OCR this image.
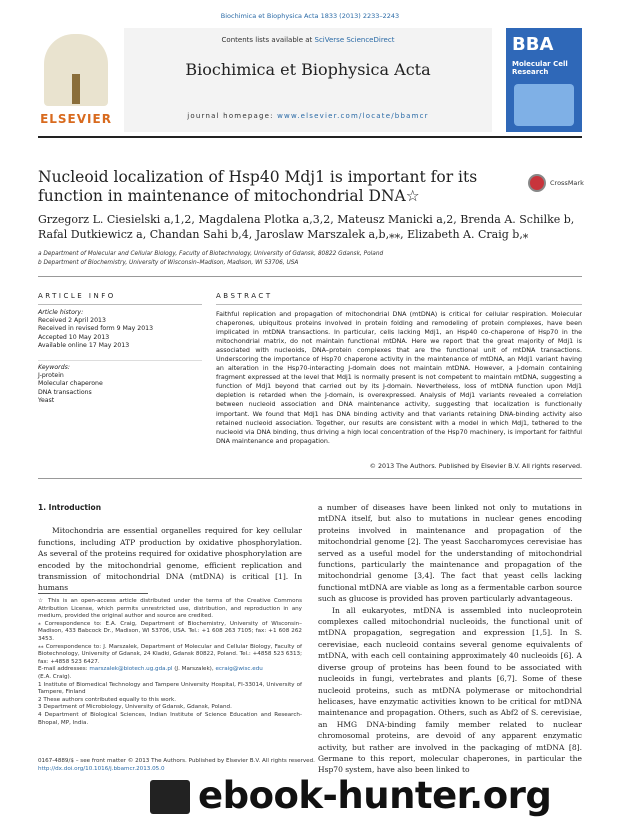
Biochimica et Biophysica Acta 1833 (2013) 2233–2243
ELSEVIER
Contents lists available at SciVerse ScienceDirect
Biochimica et Biophysica Acta
journal homepage: www.elsevier.com/locate/bbamcr
BBA
Molecular Cell Research
Nucleoid localization of Hsp40 Mdj1 is important for its function in maintenance of mitochondrial DNA☆
CrossMark
Grzegorz L. Ciesielski a,1,2, Magdalena Plotka a,3,2, Mateusz Manicki a,2, Brenda A. Schilke b, Rafal Dutkiewicz a, Chandan Sahi b,4, Jaroslaw Marszalek a,b,⁎⁎, Elizabeth A. Craig b,⁎
a Department of Molecular and Cellular Biology, Faculty of Biotechnology, University of Gdansk, 80822 Gdansk, Poland
b Department of Biochemistry, University of Wisconsin–Madison, Madison, WI 53706, USA
ARTICLE INFO	ABSTRACT
Article history:
Received 2 April 2013
Received in revised form 9 May 2013
Accepted 10 May 2013
Available online 17 May 2013
Keywords:
J-protein
Molecular chaperone
DNA transactions
Yeast
Faithful replication and propagation of mitochondrial DNA (mtDNA) is critical for cellular respiration. Molecular chaperones, ubiquitous proteins involved in protein folding and remodeling of protein complexes, have been implicated in mtDNA transactions. In particular, cells lacking Mdj1, an Hsp40 co-chaperone of Hsp70 in the mitochondrial matrix, do not maintain functional mtDNA. Here we report that the great majority of Mdj1 is associated with nucleoids, DNA–protein complexes that are the functional unit of mtDNA transactions. Underscoring the importance of Hsp70 chaperone activity in the maintenance of mtDNA, an Mdj1 variant having an alteration in the Hsp70-interacting J-domain does not maintain mtDNA. However, a J-domain containing fragment expressed at the level that Mdj1 is normally present is not competent to maintain mtDNA, suggesting a function of Mdj1 beyond that carried out by its J-domain. Nevertheless, loss of mtDNA function upon Mdj1 depletion is retarded when the J-domain, is overexpressed. Analysis of Mdj1 variants revealed a correlation between nucleoid association and DNA maintenance activity, suggesting that localization is functionally important. We found that Mdj1 has DNA binding activity and that variants retaining DNA-binding activity also retained nucleoid association. Together, our results are consistent with a model in which Mdj1, tethered to the nucleoid via DNA binding, thus driving a high local concentration of the Hsp70 machinery, is important for faithful DNA maintenance and propagation.
© 2013 The Authors. Published by Elsevier B.V. All rights reserved.

1. Introduction

Mitochondria are essential organelles required for key cellular functions, including ATP production by oxidative phosphorylation. As several of the proteins required for oxidative phosphorylation are encoded by the mitochondrial genome, efficient replication and transmission of mitochondrial DNA (mtDNA) is critical [1]. In humans

a number of diseases have been linked not only to mutations in mtDNA itself, but also to mutations in nuclear genes encoding proteins involved in maintenance and propagation of the mitochondrial genome [2]. The yeast Saccharomyces cerevisiae has served as a useful model for the understanding of mitochondrial functions, particularly the maintenance and propagation of the mitochondrial genome [3,4]. The fact that yeast cells lacking functional mtDNA are viable as long as a fermentable carbon source such as glucose is provided has proven particularly advantageous.

In all eukaryotes, mtDNA is assembled into nucleoprotein complexes called mitochondrial nucleoids, the functional unit of mtDNA propagation, segregation and expression [1,5]. In S. cerevisiae, each nucleoid contains several genome equivalents of mtDNA, with each cell containing approximately 40 nucleoids [6]. A diverse group of proteins has been found to be associated with nucleoids in fungi, vertebrates and plants [6,7]. Some of these nucleoid proteins, such as mtDNA polymerase or mitochondrial helicases, have enzymatic activities known to be critical for mtDNA maintenance and propagation. Others, such as Abf2 of S. cerevisiae, an HMG DNA-binding family member related to nuclear chromosomal proteins, are devoid of any apparent enzymatic activity, but rather are involved in the packaging of mtDNA [8]. Germane to this report, molecular chaperones, in particular the Hsp70 system, have also been linked to

☆ This is an open-access article distributed under the terms of the Creative Commons Attribution License, which permits unrestricted use, distribution, and reproduction in any medium, provided the original author and source are credited.

⁎ Correspondence to: E.A. Craig, Department of Biochemistry, University of Wisconsin–Madison, 433 Babcock Dr., Madison, WI 53706, USA. Tel.: +1 608 263 7105; fax: +1 608 262 3453.

⁎⁎ Correspondence to: J. Marszalek, Department of Molecular and Cellular Biology, Faculty of Biotechnology, University of Gdansk, 24 Kladki, Gdansk 80822, Poland. Tel.: +4858 523 6313; fax: +4858 523 6427.

E-mail addresses: marszalek@biotech.ug.gda.pl (J. Marszalek), ecraig@wisc.edu
(E.A. Craig).

1 Institute of Biomedical Technology and Tampere University Hospital, FI-33014, University of Tampere, Finland

2 These authors contributed equally to this work.

3 Department of Microbiology, University of Gdansk, Gdansk, Poland.

4 Department of Biological Sciences, Indian Institute of Science Education and Research-Bhopal, MP, India.

0167-4889/$ – see front matter © 2013 The Authors. Published by Elsevier B.V. All rights reserved.
http://dx.doi.org/10.1016/j.bbamcr.2013.05.0
ebook-hunter.org
